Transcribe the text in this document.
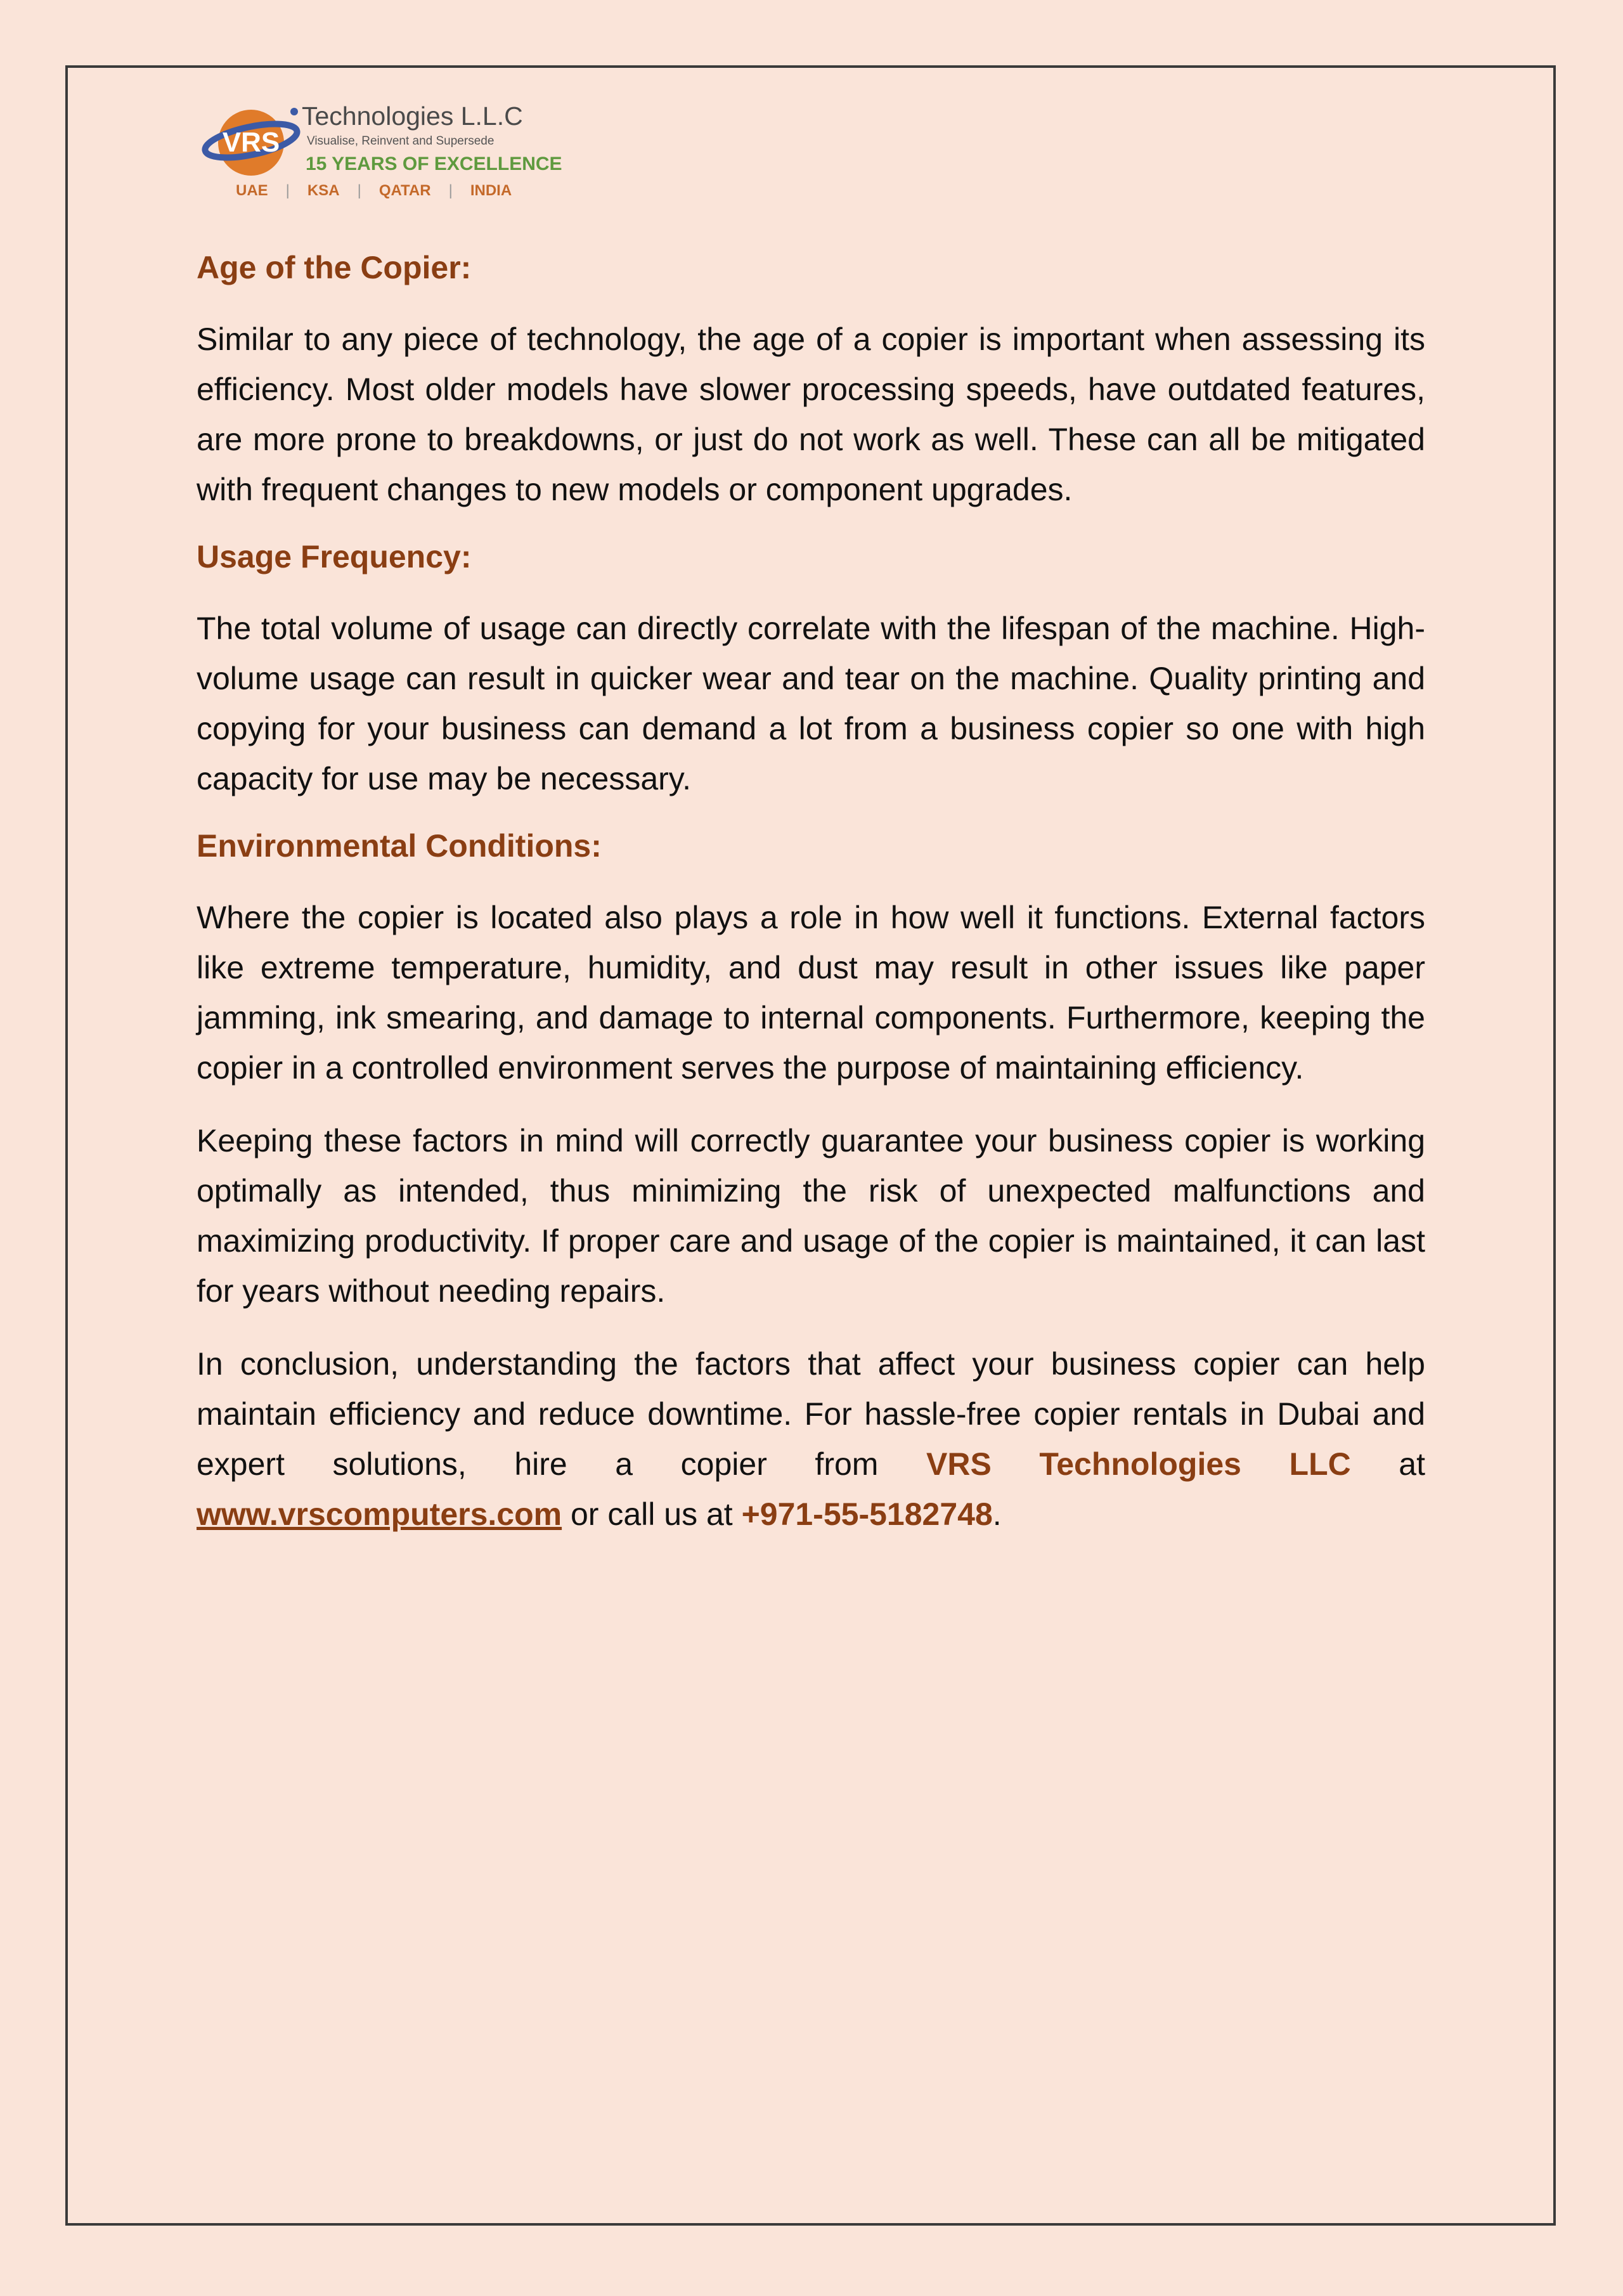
VRS
Technologies L.L.C
Visualise, Reinvent and Supersede
15 YEARS OF EXCELLENCE
UAE | KSA | QATAR | INDIA
Age of the Copier:

Similar to any piece of technology, the age of a copier is important when assessing its efficiency. Most older models have slower processing speeds, have outdated features, are more prone to breakdowns, or just do not work as well. These can all be mitigated with frequent changes to new models or component upgrades.

Usage Frequency:

The total volume of usage can directly correlate with the lifespan of the machine. High-volume usage can result in quicker wear and tear on the machine. Quality printing and copying for your business can demand a lot from a business copier so one with high capacity for use may be necessary.

Environmental Conditions:

Where the copier is located also plays a role in how well it functions. External factors like extreme temperature, humidity, and dust may result in other issues like paper jamming, ink smearing, and damage to internal components. Furthermore, keeping the copier in a controlled environment serves the purpose of maintaining efficiency.

Keeping these factors in mind will correctly guarantee your business copier is working optimally as intended, thus minimizing the risk of unexpected malfunctions and maximizing productivity. If proper care and usage of the copier is maintained, it can last for years without needing repairs.

In conclusion, understanding the factors that affect your business copier can help maintain efficiency and reduce downtime. For hassle-free copier rentals in Dubai and expert solutions, hire a copier from VRS Technologies LLC at www.vrscomputers.com or call us at +971-55-5182748.
